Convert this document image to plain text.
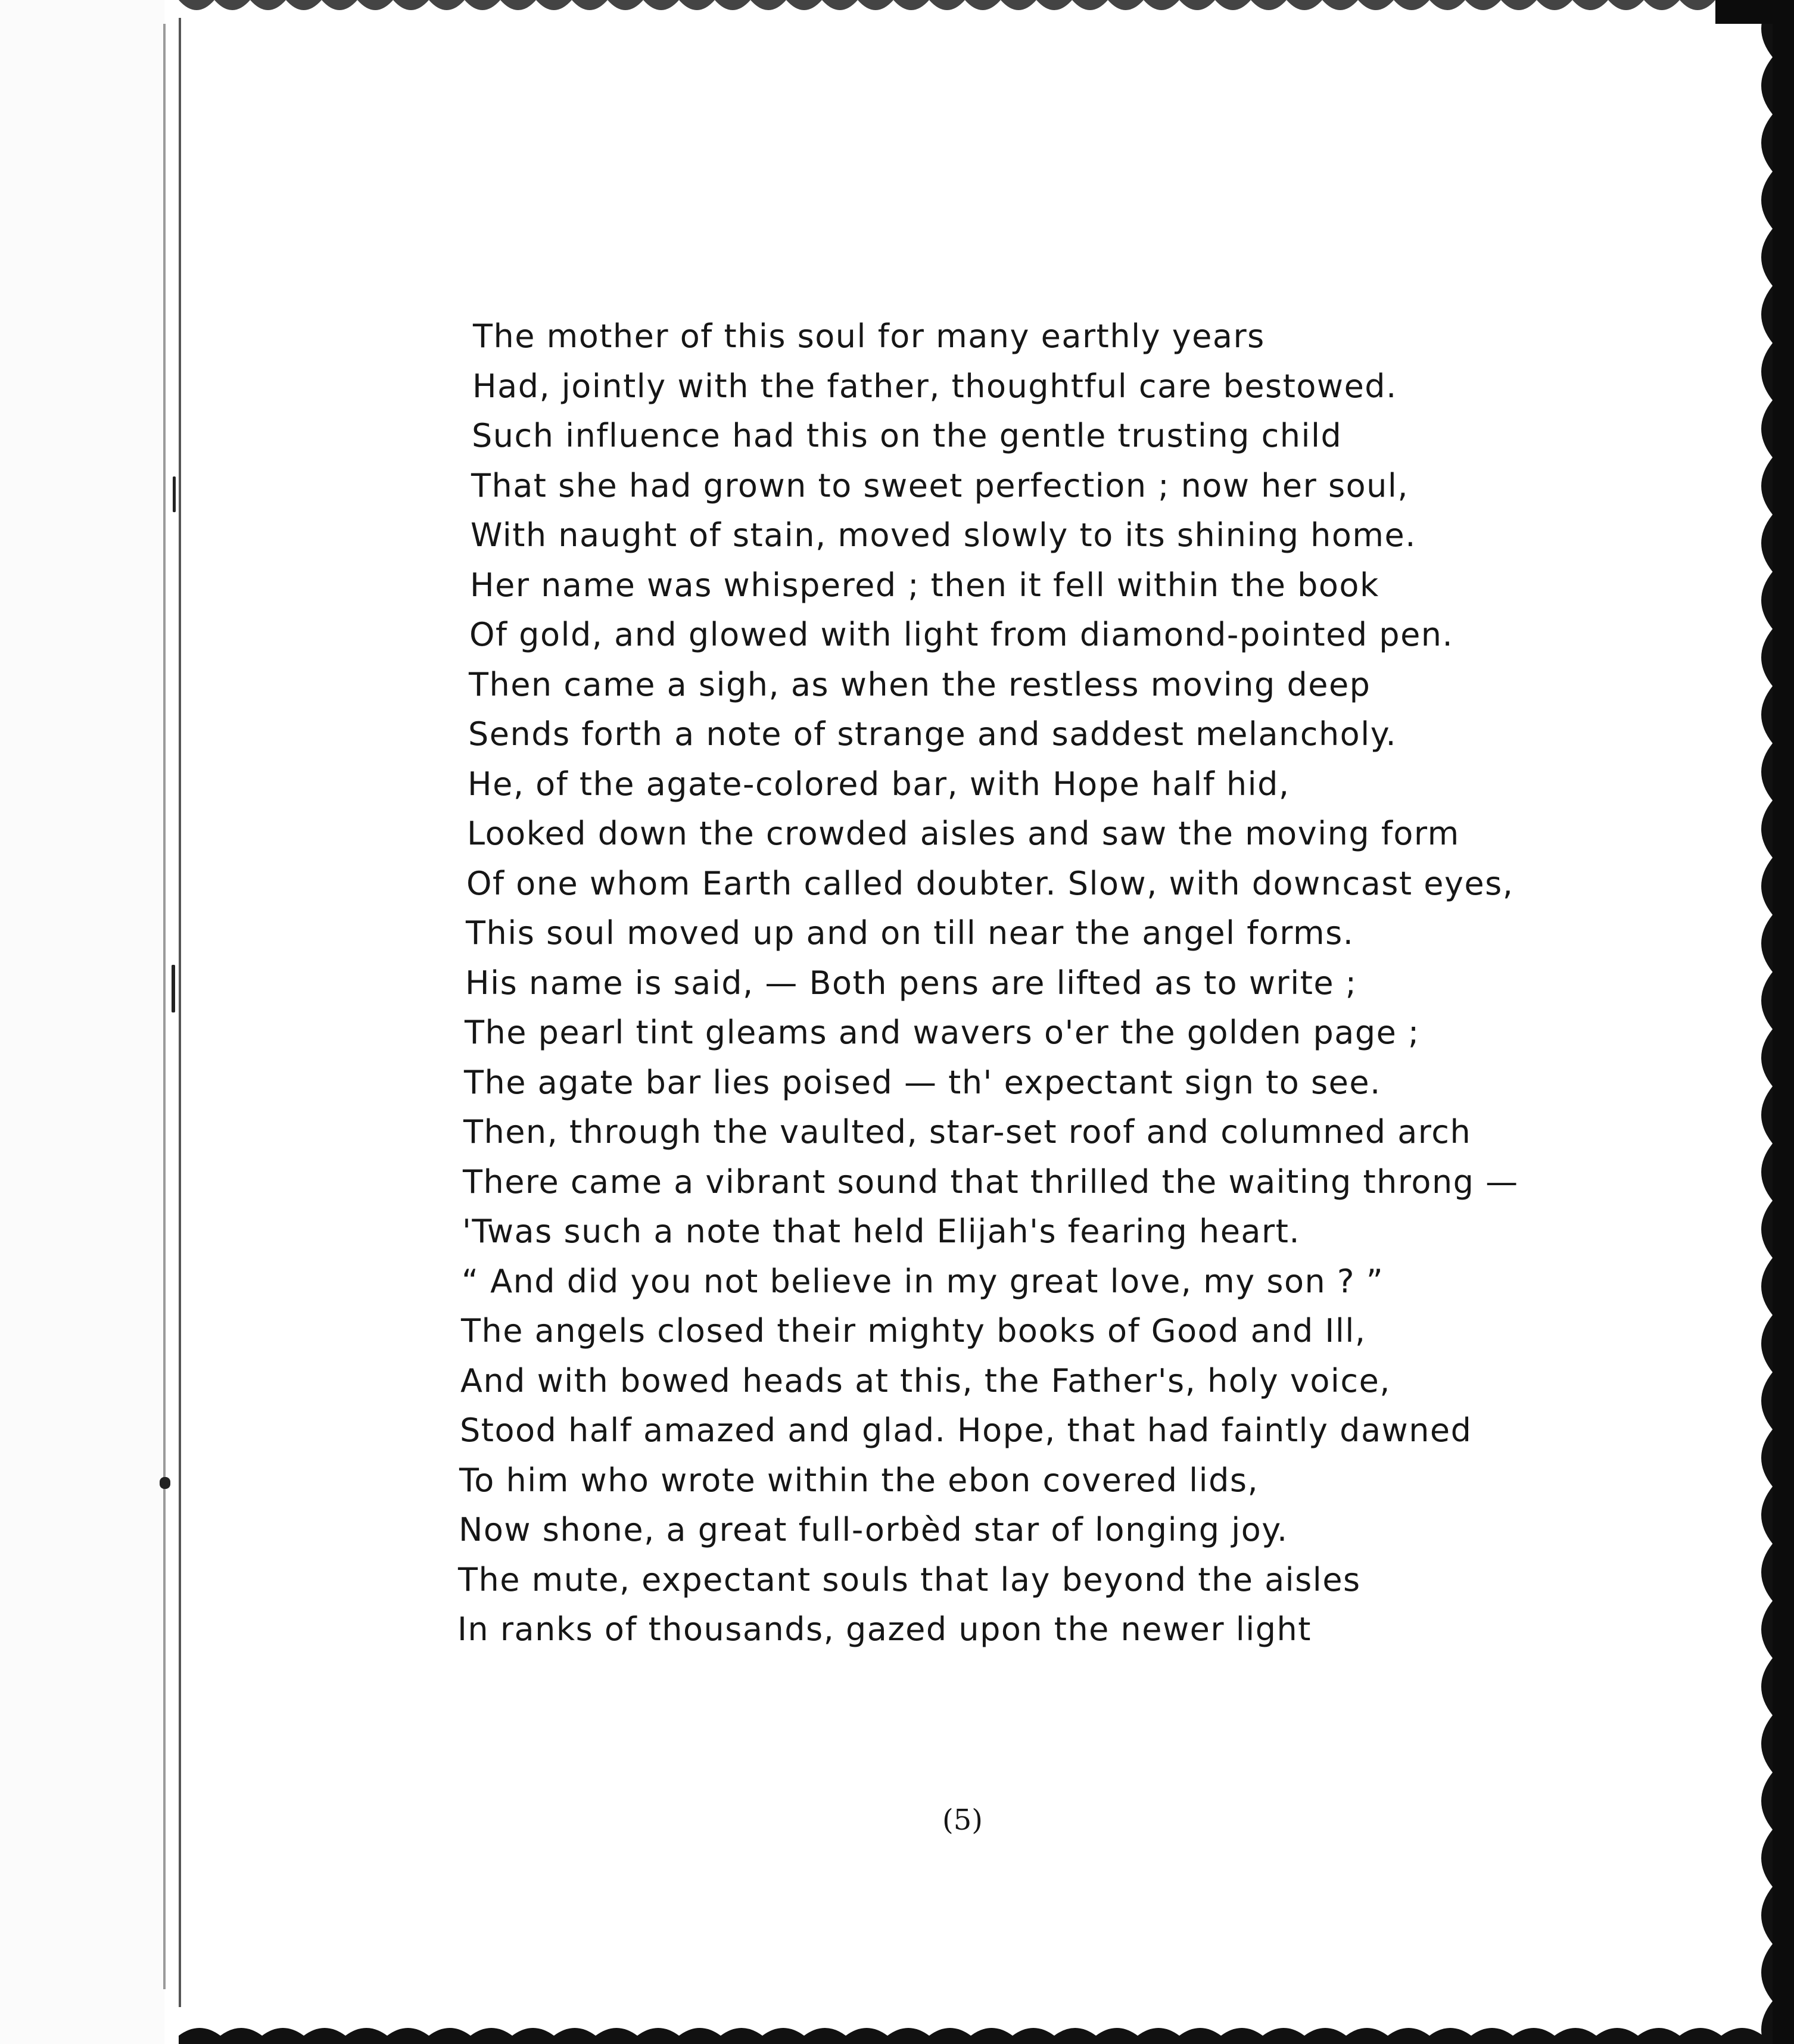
The mother of this soul for many earthly years
Had, jointly with the father, thoughtful care bestowed.
Such influence had this on the gentle trusting child
That she had grown to sweet perfection ; now her soul,
With naught of stain, moved slowly to its shining home.
Her name was whispered ; then it fell within the book
Of gold, and glowed with light from diamond-pointed pen.
Then came a sigh, as when the restless moving deep
Sends forth a note of strange and saddest melancholy.
He, of the agate-colored bar, with Hope half hid,
Looked down the crowded aisles and saw the moving form
Of one whom Earth called doubter. Slow, with downcast eyes,
This soul moved up and on till near the angel forms.
His name is said, — Both pens are lifted as to write ;
The pearl tint gleams and wavers o'er the golden page ;
The agate bar lies poised — th' expectant sign to see.
Then, through the vaulted, star-set roof and columned arch
There came a vibrant sound that thrilled the waiting throng —
'Twas such a note that held Elijah's fearing heart.
“ And did you not believe in my great love, my son ? ”
The angels closed their mighty books of Good and Ill,
And with bowed heads at this, the Father's, holy voice,
Stood half amazed and glad. Hope, that had faintly dawned
To him who wrote within the ebon covered lids,
Now shone, a great full-orbèd star of longing joy.
The mute, expectant souls that lay beyond the aisles
In ranks of thousands, gazed upon the newer light
(5)
